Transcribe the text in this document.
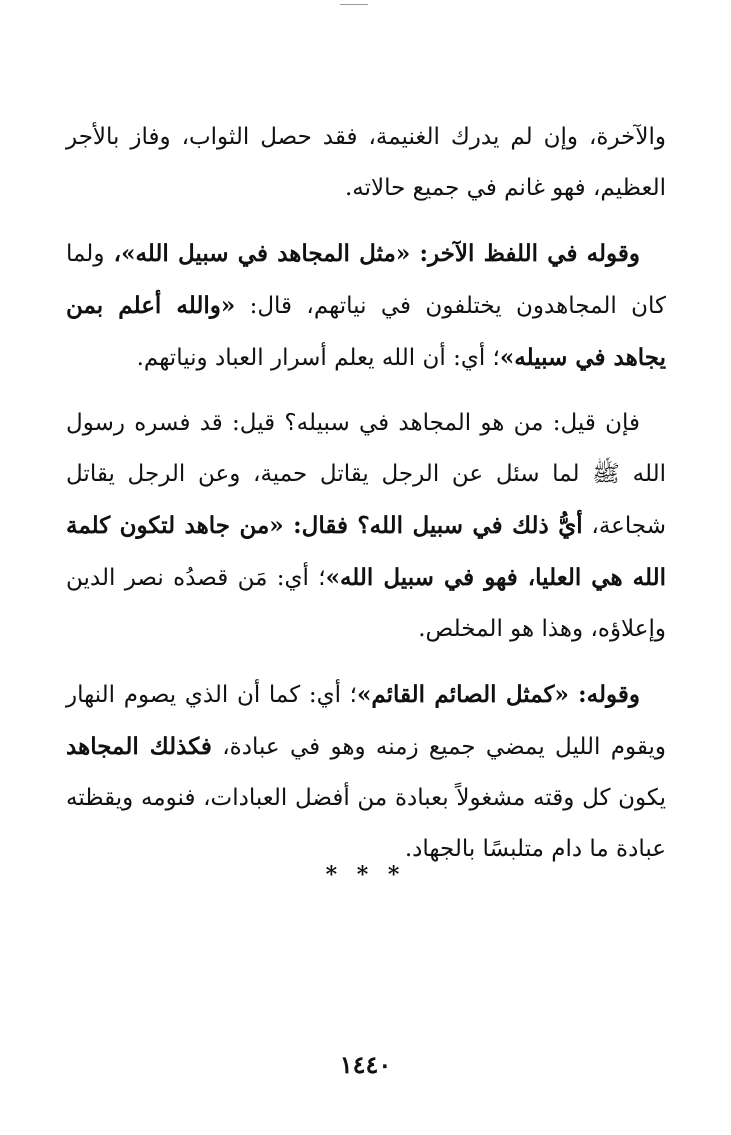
والآخرة، وإن لم يدرك الغنيمة، فقد حصل الثواب، وفاز بالأجر العظيم، فهو غانم في جميع حالاته.

وقوله في اللفظ الآخر: «مثل المجاهد في سبيل الله»، ولما كان المجاهدون يختلفون في نياتهم، قال: «والله أعلم بمن يجاهد في سبيله»؛ أي: أن الله يعلم أسرار العباد ونياتهم.

فإن قيل: من هو المجاهد في سبيله؟ قيل: قد فسره رسول الله ﷺ لما سئل عن الرجل يقاتل حمية، وعن الرجل يقاتل شجاعة، أيُّ ذلك في سبيل الله؟ فقال: «من جاهد لتكون كلمة الله هي العليا، فهو في سبيل الله»؛ أي: مَن قصدُه نصر الدين وإعلاؤه، وهذا هو المخلص.

وقوله: «كمثل الصائم القائم»؛ أي: كما أن الذي يصوم النهار ويقوم الليل يمضي جميع زمنه وهو في عبادة، فكذلك المجاهد يكون كل وقته مشغولاً بعبادة من أفضل العبادات، فنومه ويقظته عبادة ما دام متلبسًا بالجهاد.

* * *
١٤٤٠
